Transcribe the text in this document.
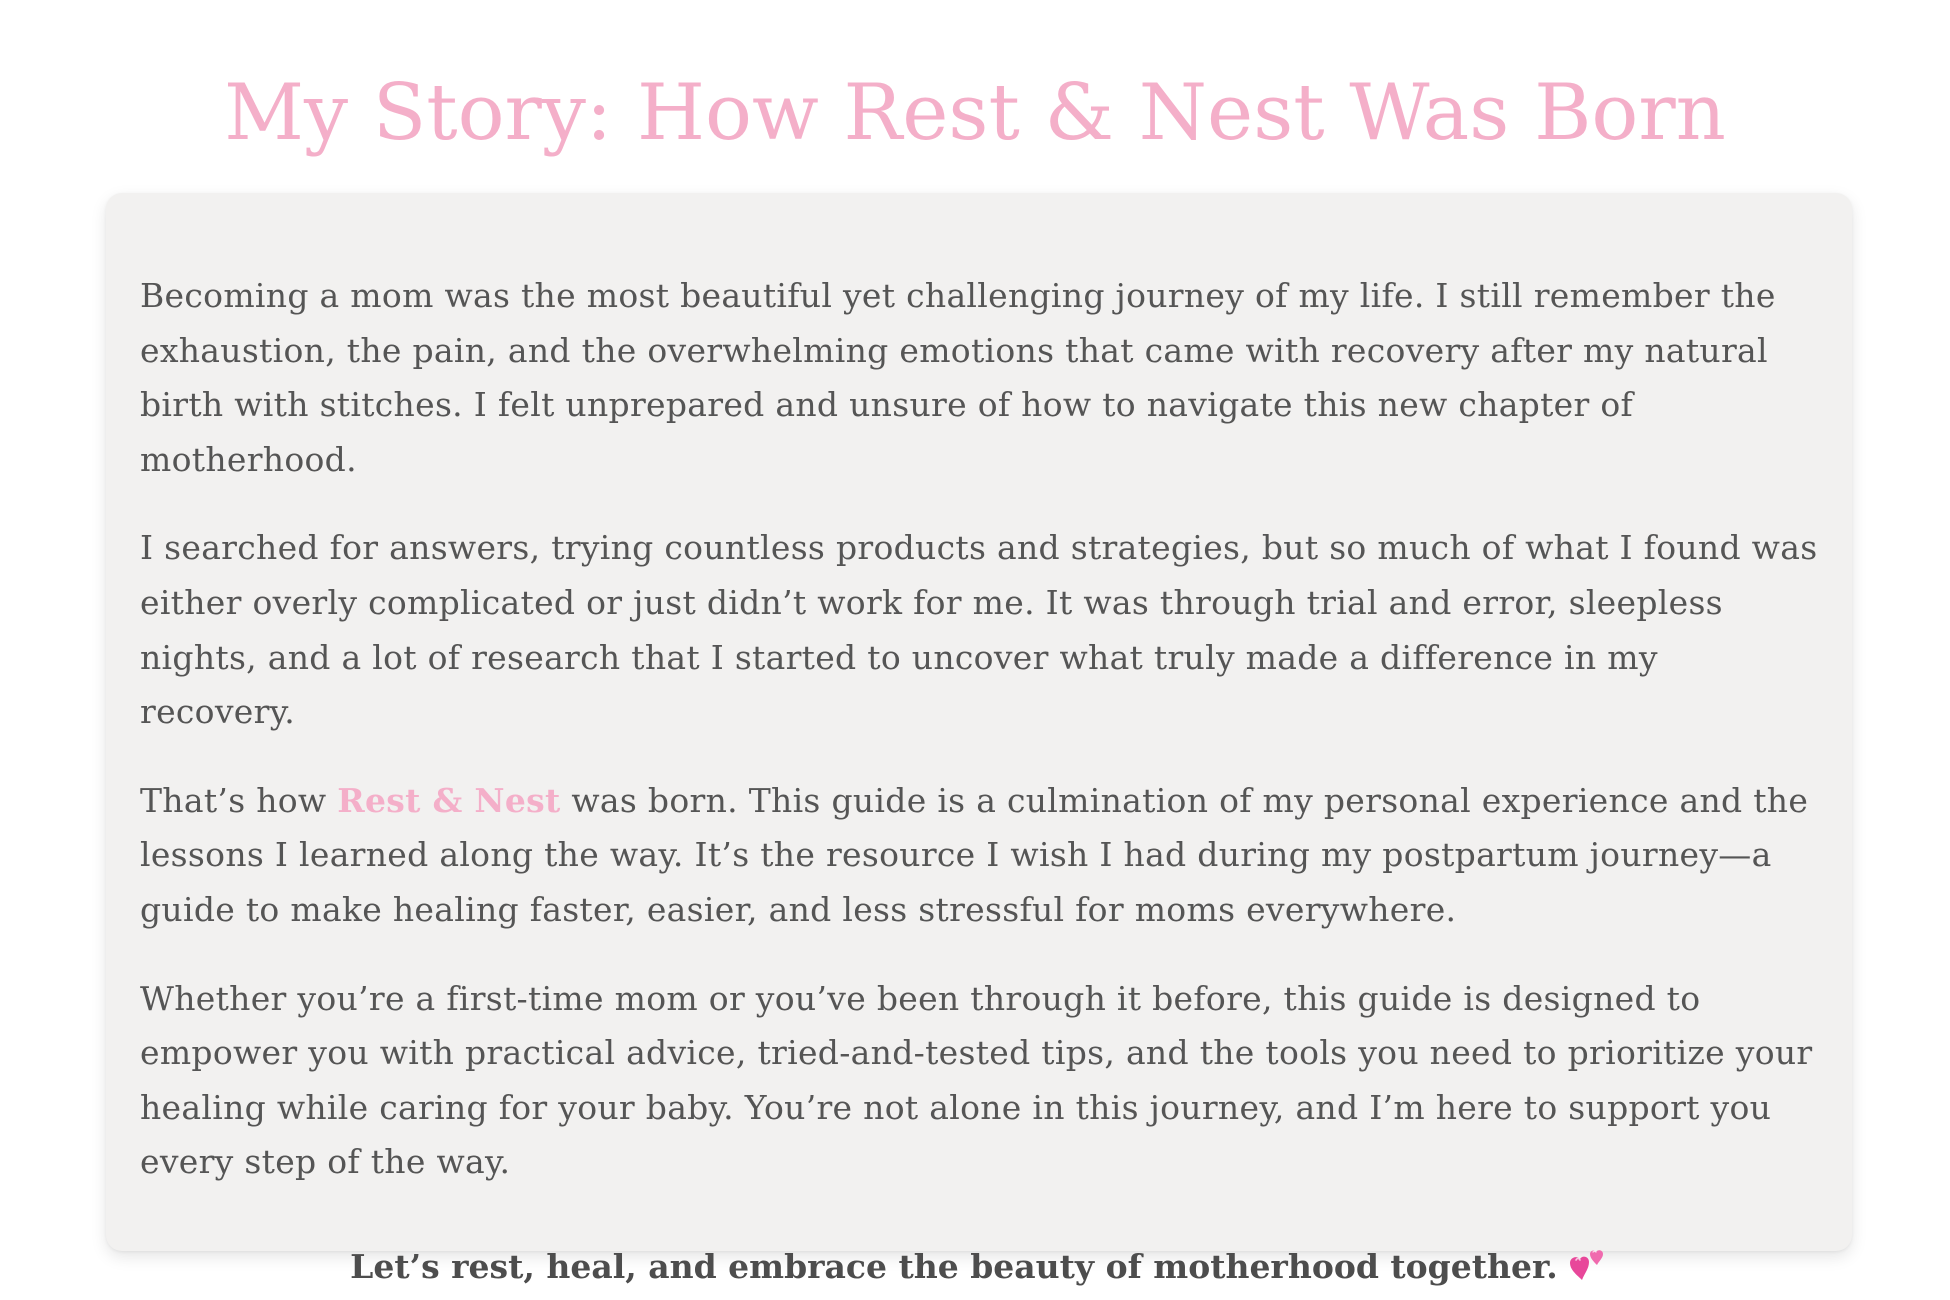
My Story: How Rest & Nest Was Born

Becoming a mom was the most beautiful yet challenging journey of my life. I still remember the exhaustion, the pain, and the overwhelming emotions that came with recovery after my natural birth with stitches. I felt unprepared and unsure of how to navigate this new chapter of motherhood.

I searched for answers, trying countless products and strategies, but so much of what I found was either overly complicated or just didn’t work for me. It was through trial and error, sleepless nights, and a lot of research that I started to uncover what truly made a difference in my recovery.

That’s how Rest & Nest was born. This guide is a culmination of my personal experience and the lessons I learned along the way. It’s the resource I wish I had during my postpartum journey—a guide to make healing faster, easier, and less stressful for moms everywhere.

Whether you’re a first-time mom or you’ve been through it before, this guide is designed to empower you with practical advice, tried-and-tested tips, and the tools you need to prioritize your healing while caring for your baby. You’re not alone in this journey, and I’m here to support you every step of the way.

Let’s rest, heal, and embrace the beauty of motherhood together.
